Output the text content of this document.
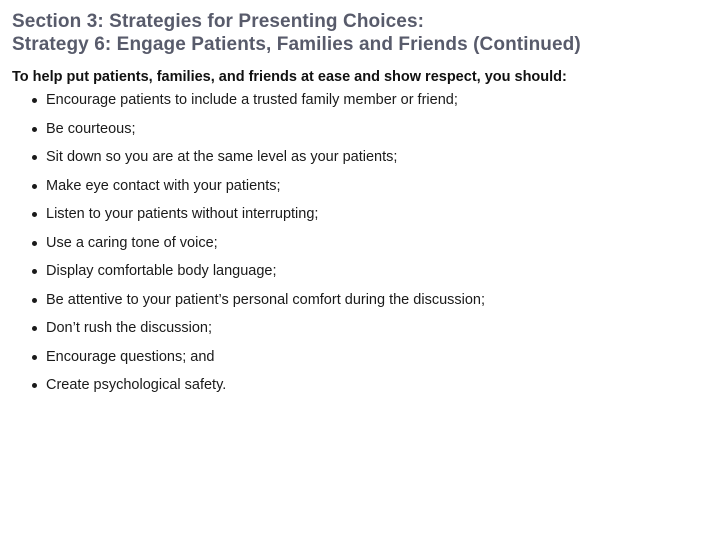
Section 3: Strategies for Presenting Choices:
Strategy 6: Engage Patients, Families and Friends (Continued)
To help put patients, families, and friends at ease and show respect, you should:
Encourage patients to include a trusted family member or friend;
Be courteous;
Sit down so you are at the same level as your patients;
Make eye contact with your patients;
Listen to your patients without interrupting;
Use a caring tone of voice;
Display comfortable body language;
Be attentive to your patient’s personal comfort during the discussion;
Don’t rush the discussion;
Encourage questions; and
Create psychological safety.
